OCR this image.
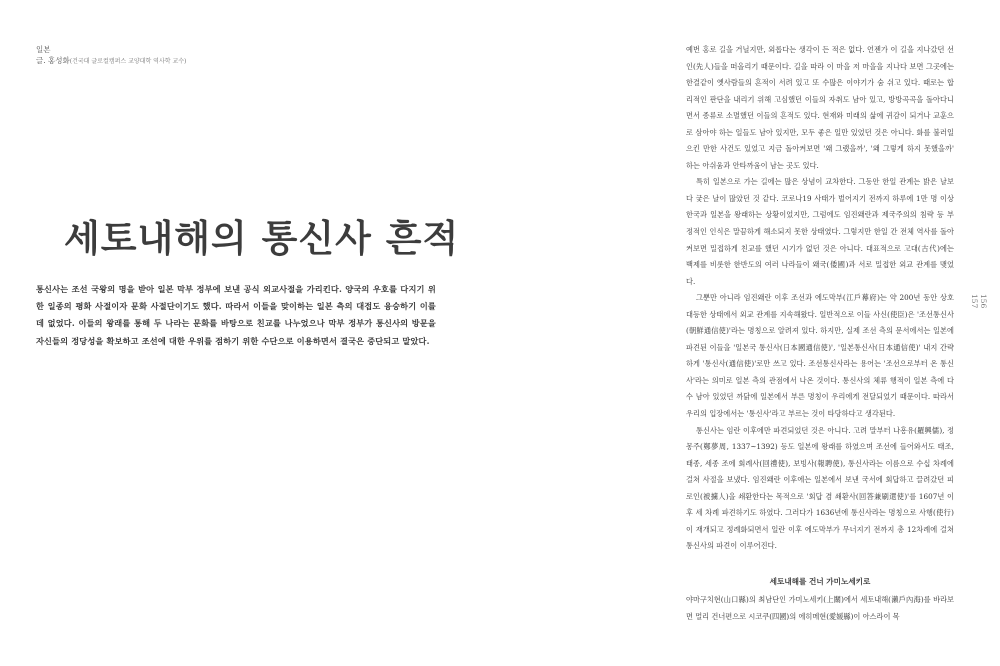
일본
글. 홍성화(건국대 글로컬캠퍼스 교양대학 역사학 교수)
세토내해의 통신사 흔적

통신사는 조선 국왕의 명을 받아 일본 막부 정부에 보낸 공식 외교사절을 가리킨다. 양국의 우호를 다지기 위한 일종의 평화 사절이자 문화 사절단이기도 했다. 따라서 이들을 맞이하는 일본 측의 대접도 융숭하기 이를 데 없었다. 이들의 왕래를 통해 두 나라는 문화를 바탕으로 친교를 나누었으나 막부 정부가 통신사의 방문을 자신들의 정당성을 확보하고 조선에 대한 우위를 점하기 위한 수단으로 이용하면서 결국은 중단되고 말았다.

156
157

예번 홍로 길을 거닐지만, 외롭다는 생각이 든 적은 없다. 언젠가 이 길을 지나갔던 선인(先人)들을 떠올리기 때문이다. 길을 따라 이 마을 저 마을을 지나다 보면 그곳에는 한결같이 옛사람들의 흔적이 서려 있고 또 수많은 이야기가 숨 쉬고 있다. 때로는 합리적인 판단을 내리기 위해 고심했던 이들의 자취도 남아 있고, 방방곡곡을 돌아다니면서 종류로 소멸했던 이들의 흔적도 있다. 현재와 미래의 삶에 귀감이 되거나 교훈으로 삼아야 하는 일들도 남아 있지만, 모두 좋은 일만 있었던 것은 아니다. 화를 불러일으킨 만한 사건도 있었고 지금 돌아켜보면 '왜 그랬을까', '왜 그렇게 하지 못했을까' 하는 아쉬움과 안타까움이 남는 곳도 있다.

특히 일본으로 가는 길에는 많은 상념이 교차한다. 그동안 한일 관계는 밝은 날보다 궂은 날이 많았던 것 같다. 코로나19 사태가 벌어지기 전까지 하루에 1만 명 이상 한국과 일본을 왕래하는 상황이었지만, 그럼에도 임진왜란과 제국주의의 침략 등 부정적인 인식은 말끔하게 해소되지 못한 상태였다. 그렇지만 한일 간 전체 역사를 돌아켜보면 밀접하게 친교를 했던 시기가 없던 것은 아니다. 대표적으로 고대(古代)에는 백제를 비롯한 한반도의 여러 나라들이 왜국(倭國)과 서로 밀접한 외교 관계를 맺었다.

그뿐만 아니라 임진왜란 이후 조선과 에도막부(江戶幕府)는 약 200년 동안 상호 대등한 상태에서 외교 관계를 지속해왔다. 일반적으로 이들 사신(使臣)은 '조선통신사(朝鮮通信使)'라는 명칭으로 알려져 있다. 하지만, 실제 조선 측의 문서에서는 일본에 파견된 이들을 '일본국 통신사(日本國通信使)', '일본통신사(日本通信使)' 내지 간략하게 '통신사(通信使)'로만 쓰고 있다. 조선통신사라는 용어는 '조선으로부터 온 통신사'라는 의미로 일본 측의 관점에서 나온 것이다. 통신사의 체류 행적이 일본 측에 다수 남아 있었던 까닭에 일본에서 부른 명칭이 우리에게 전달되었기 때문이다. 따라서 우리의 입장에서는 '통신사'라고 부르는 것이 타당하다고 생각된다.

통신사는 임란 이후에만 파견되었던 것은 아니다. 고려 말부터 나흥유(羅興儒), 정몽주(鄭夢周, 1337~1392) 등도 일본에 왕래를 하였으며 조선에 들어와서도 태조, 태종, 세종 조에 회례사(回禮使), 보빙사(報聘使), 통신사라는 이름으로 수십 차례에 걸쳐 사절을 보냈다. 임진왜란 이후에는 일본에서 보낸 국서에 회답하고 끌려갔던 피로인(被擄人)을 쇄환한다는 목적으로 '회답 겸 쇄환사(回答兼刷還使)'를 1607년 이후 세 차례 파견하기도 하였다. 그러다가 1636년에 통신사라는 명칭으로 사행(使行)이 재개되고 정례화되면서 일란 이후 에도막부가 무너지기 전까지 총 12차례에 걸쳐 통신사의 파견이 이루어진다.

세토내해를 건너 가미노세키로

야마구치현(山口縣)의 최남단인 가미노세키(上關)에서 세토내해(瀨戶內海)를 바라보면 멀리 건너편으로 시코쿠(四國)의 에히메현(愛媛縣)이 아스라이 목
